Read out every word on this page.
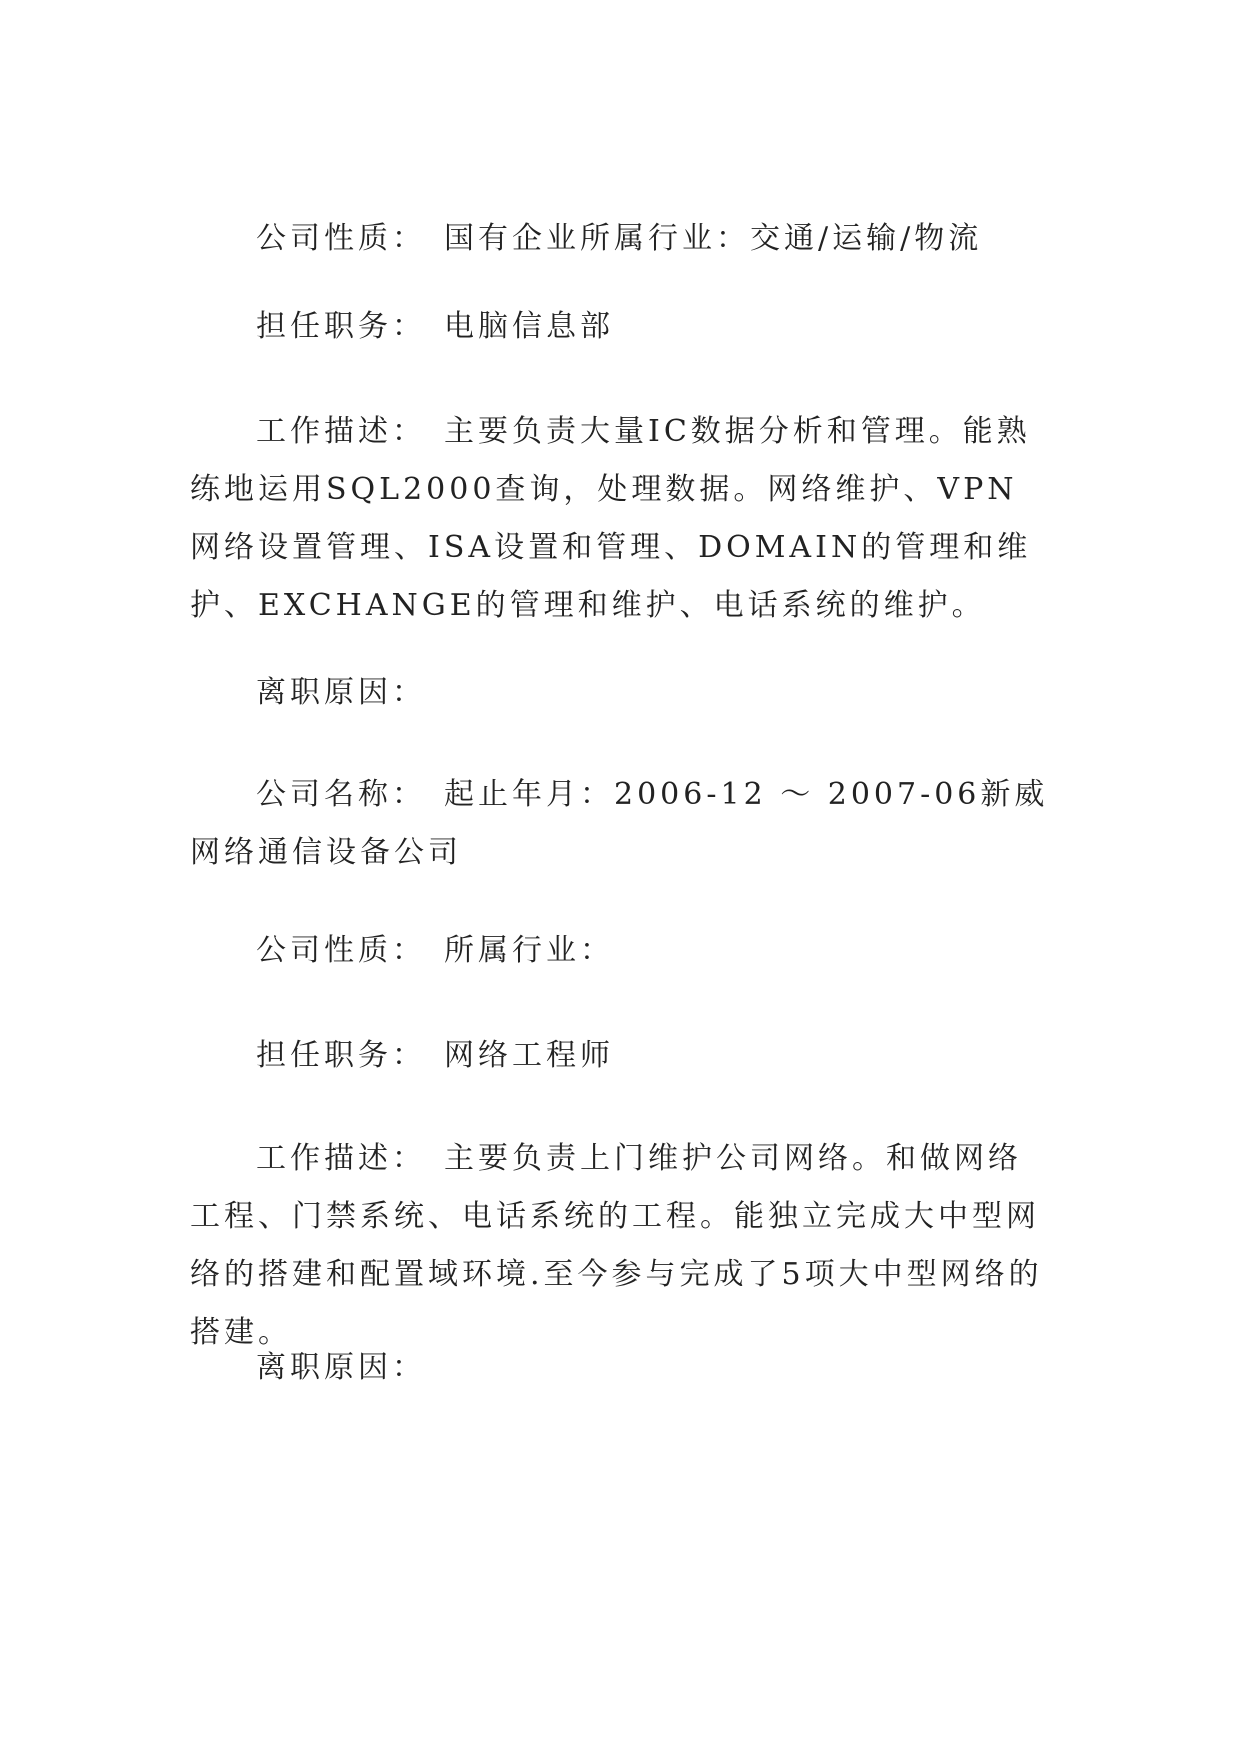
公司性质： 国有企业所属行业：交通/运输/物流

担任职务： 电脑信息部

工作描述： 主要负责大量IC数据分析和管理。能熟练地运用SQL2000查询，处理数据。网络维护、VPN网络设置管理、ISA设置和管理、DOMAIN的管理和维护、EXCHANGE的管理和维护、电话系统的维护。

离职原因：

公司名称： 起止年月：2006-12 ～ 2007-06新威网络通信设备公司

公司性质： 所属行业：

担任职务： 网络工程师

工作描述： 主要负责上门维护公司网络。和做网络工程、门禁系统、电话系统的工程。能独立完成大中型网络的搭建和配置域环境.至今参与完成了5项大中型网络的搭建。

离职原因：
